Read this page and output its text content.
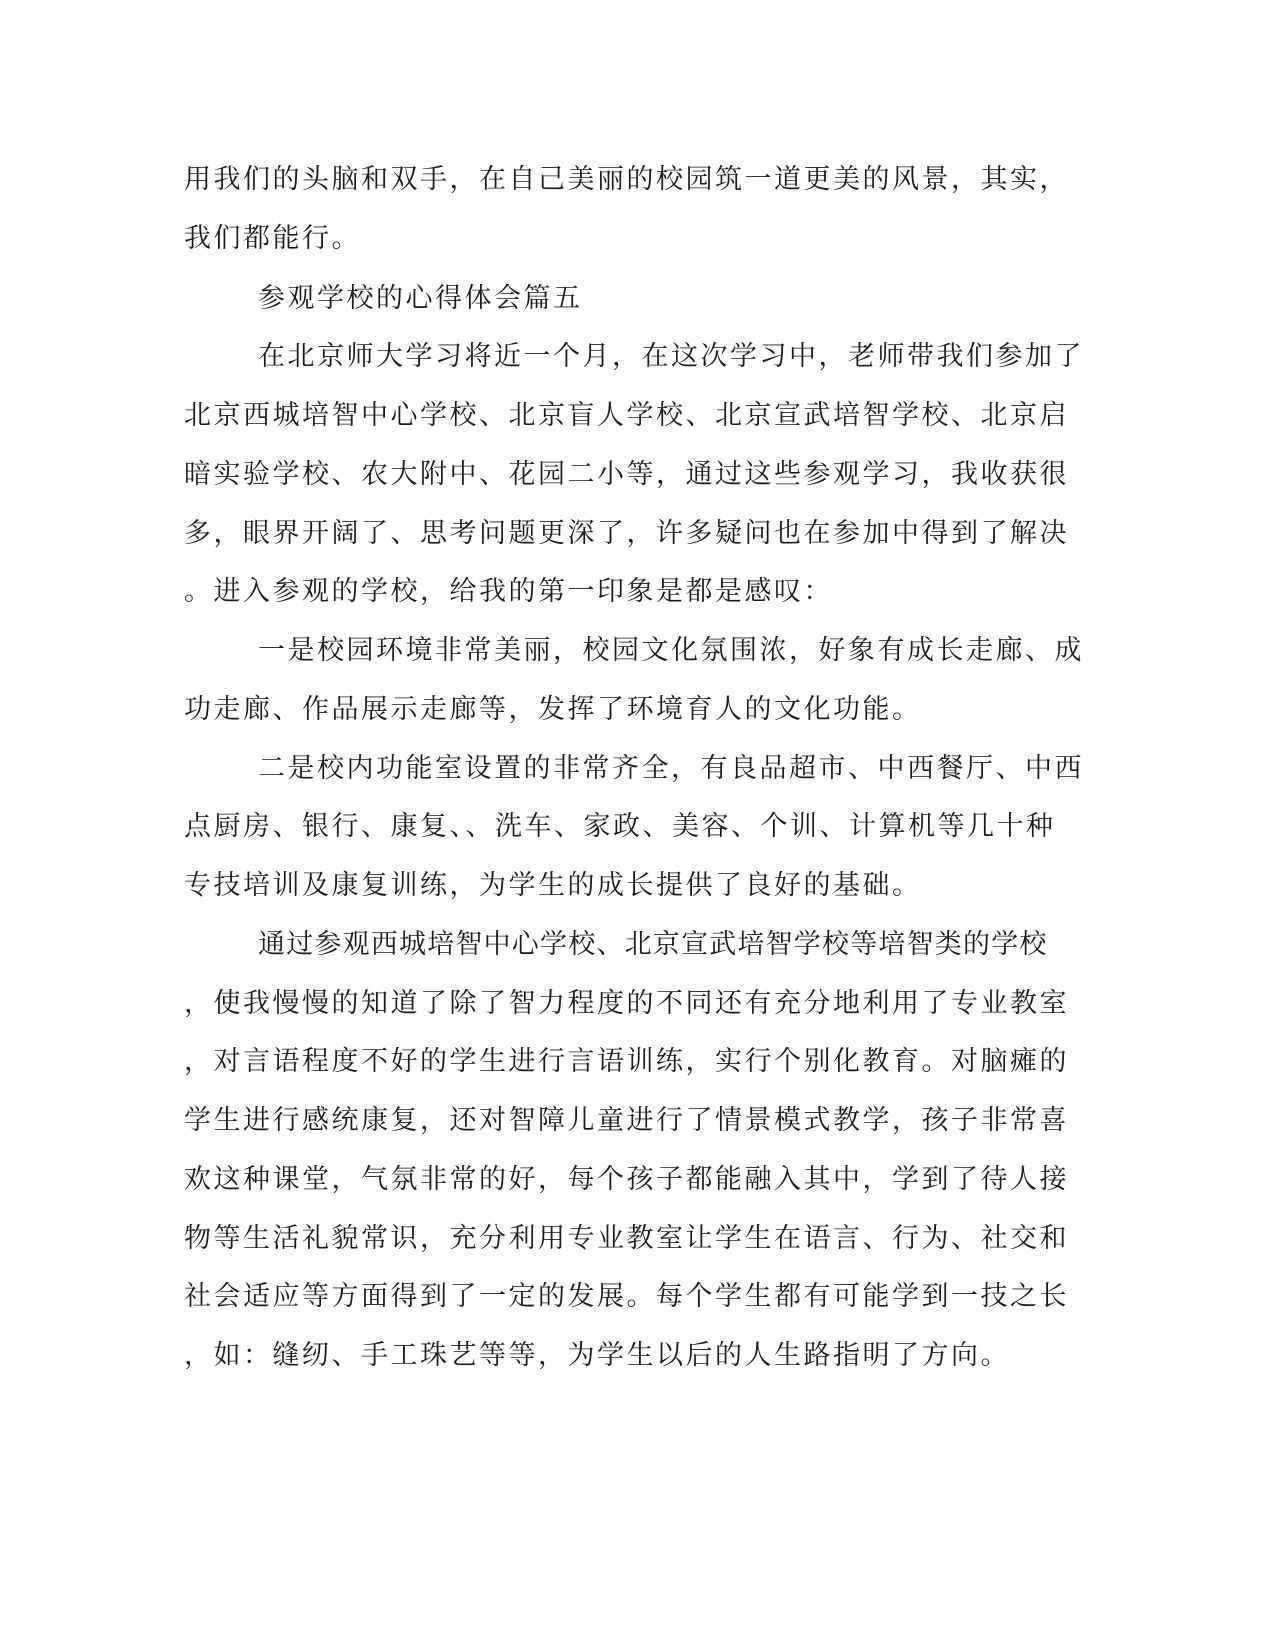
用我们的头脑和双手，在自己美丽的校园筑一道更美的风景，其实，
我们都能行。
参观学校的心得体会篇五
在北京师大学习将近一个月，在这次学习中，老师带我们参加了
北京西城培智中心学校、北京盲人学校、北京宣武培智学校、北京启
暗实验学校、农大附中、花园二小等，通过这些参观学习，我收获很
多，眼界开阔了、思考问题更深了，许多疑问也在参加中得到了解决
。进入参观的学校，给我的第一印象是都是感叹：
一是校园环境非常美丽，校园文化氛围浓，好象有成长走廊、成
功走廊、作品展示走廊等，发挥了环境育人的文化功能。
二是校内功能室设置的非常齐全，有良品超市、中西餐厅、中西
点厨房、银行、康复、、洗车、家政、美容、个训、计算机等几十种
专技培训及康复训练，为学生的成长提供了良好的基础。
通过参观西城培智中心学校、北京宣武培智学校等培智类的学校
，使我慢慢的知道了除了智力程度的不同还有充分地利用了专业教室
，对言语程度不好的学生进行言语训练，实行个别化教育。对脑瘫的
学生进行感统康复，还对智障儿童进行了情景模式教学，孩子非常喜
欢这种课堂，气氛非常的好，每个孩子都能融入其中，学到了待人接
物等生活礼貌常识，充分利用专业教室让学生在语言、行为、社交和
社会适应等方面得到了一定的发展。每个学生都有可能学到一技之长
，如：缝纫、手工珠艺等等，为学生以后的人生路指明了方向。
